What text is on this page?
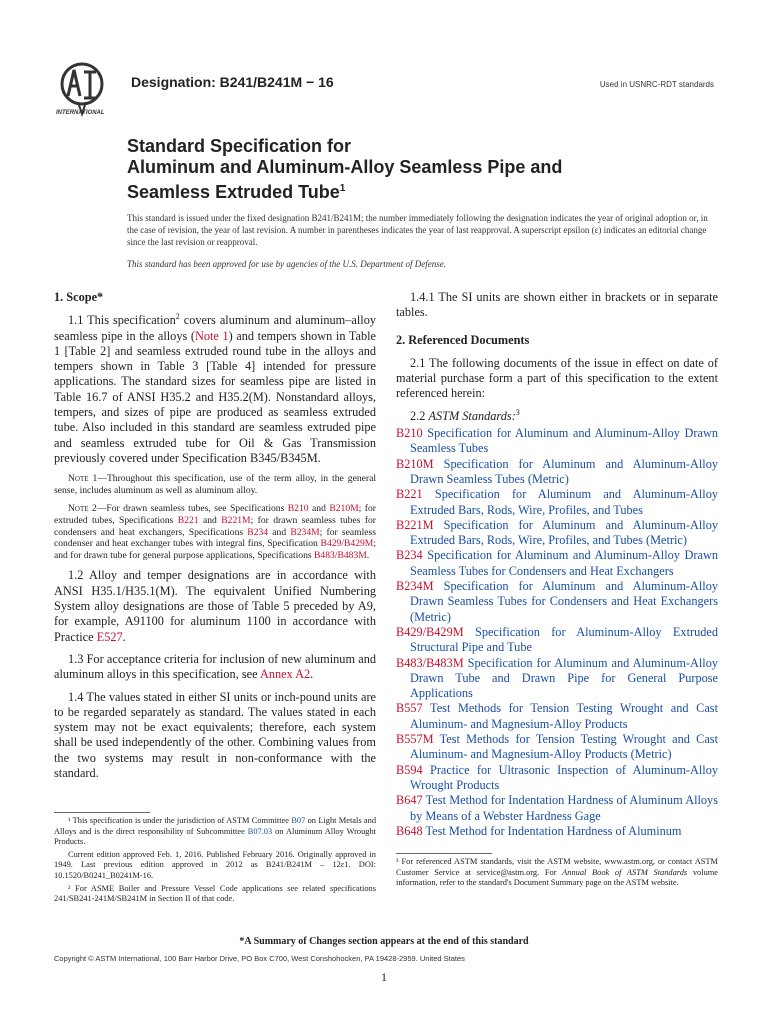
INTERNATIONAL
Designation: B241/B241M − 16	Used in USNRC-RDT standards
Standard Specification for
Aluminum and Aluminum-Alloy Seamless Pipe and
Seamless Extruded Tube$^1$

This standard is issued under the fixed designation B241/B241M; the number immediately following the designation indicates the year of original adoption or, in the case of revision, the year of last revision. A number in parentheses indicates the year of last reapproval. A superscript epsilon (ε) indicates an editorial change since the last revision or reapproval.

This standard has been approved for use by agencies of the U.S. Department of Defense.

1. Scope*

1.1 This specification$^2$ covers aluminum and aluminum–alloy seamless pipe in the alloys (Note 1) and tempers shown in Table 1 [Table 2] and seamless extruded round tube in the alloys and tempers shown in Table 3 [Table 4] intended for pressure applications. The standard sizes for seamless pipe are listed in Table 16.7 of ANSI H35.2 and H35.2(M). Nonstandard alloys, tempers, and sizes of pipe are produced as seamless extruded tube. Also included in this standard are seamless extruded pipe and seamless extruded tube for Oil & Gas Transmission previously covered under Specification B345/B345M.

Note 1—Throughout this specification, use of the term alloy, in the general sense, includes aluminum as well as aluminum alloy.

Note 2—For drawn seamless tubes, see Specifications B210 and B210M; for extruded tubes, Specifications B221 and B221M; for drawn seamless tubes for condensers and heat exchangers, Specifications B234 and B234M; for seamless condenser and heat exchanger tubes with integral fins, Specification B429/B429M; and for drawn tube for general purpose applications, Specifications B483/B483M.

1.2 Alloy and temper designations are in accordance with ANSI H35.1/H35.1(M). The equivalent Unified Numbering System alloy designations are those of Table 5 preceded by A9, for example, A91100 for aluminum 1100 in accordance with Practice E527.

1.3 For acceptance criteria for inclusion of new aluminum and aluminum alloys in this specification, see Annex A2.

1.4 The values stated in either SI units or inch-pound units are to be regarded separately as standard. The values stated in each system may not be exact equivalents; therefore, each system shall be used independently of the other. Combining values from the two systems may result in non-conformance with the standard.

1.4.1 The SI units are shown either in brackets or in separate tables.

2. Referenced Documents

2.1 The following documents of the issue in effect on date of material purchase form a part of this specification to the extent referenced herein:

2.2 ASTM Standards:$^3$

B210 Specification for Aluminum and Aluminum-Alloy Drawn Seamless Tubes
B210M Specification for Aluminum and Aluminum-Alloy Drawn Seamless Tubes (Metric)
B221 Specification for Aluminum and Aluminum-Alloy Extruded Bars, Rods, Wire, Profiles, and Tubes
B221M Specification for Aluminum and Aluminum-Alloy Extruded Bars, Rods, Wire, Profiles, and Tubes (Metric)
B234 Specification for Aluminum and Aluminum-Alloy Drawn Seamless Tubes for Condensers and Heat Exchangers
B234M Specification for Aluminum and Aluminum-Alloy Drawn Seamless Tubes for Condensers and Heat Exchangers (Metric)
B429/B429M Specification for Aluminum-Alloy Extruded Structural Pipe and Tube
B483/B483M Specification for Aluminum and Aluminum-Alloy Drawn Tube and Drawn Pipe for General Purpose Applications
B557 Test Methods for Tension Testing Wrought and Cast Aluminum- and Magnesium-Alloy Products
B557M Test Methods for Tension Testing Wrought and Cast Aluminum- and Magnesium-Alloy Products (Metric)
B594 Practice for Ultrasonic Inspection of Aluminum-Alloy Wrought Products
B647 Test Method for Indentation Hardness of Aluminum Alloys by Means of a Webster Hardness Gage
B648 Test Method for Indentation Hardness of Aluminum

¹ This specification is under the jurisdiction of ASTM Committee B07 on Light Metals and Alloys and is the direct responsibility of Subcommittee B07.03 on Aluminum Alloy Wrought Products.

Current edition approved Feb. 1, 2016. Published February 2016. Originally approved in 1949. Last previous edition approved in 2012 as B241/B241M – 12ε1. DOI: 10.1520/B0241_B0241M-16.

² For ASME Boiler and Pressure Vessel Code applications see related specifications 241/SB241-241M/SB241M in Section II of that code.

³ For referenced ASTM standards, visit the ASTM website, www.astm.org, or contact ASTM Customer Service at service@astm.org. For Annual Book of ASTM Standards volume information, refer to the standard's Document Summary page on the ASTM website.
*A Summary of Changes section appears at the end of this standard
Copyright © ASTM International, 100 Barr Harbor Drive, PO Box C700, West Conshohocken, PA 19428-2959. United States
1
